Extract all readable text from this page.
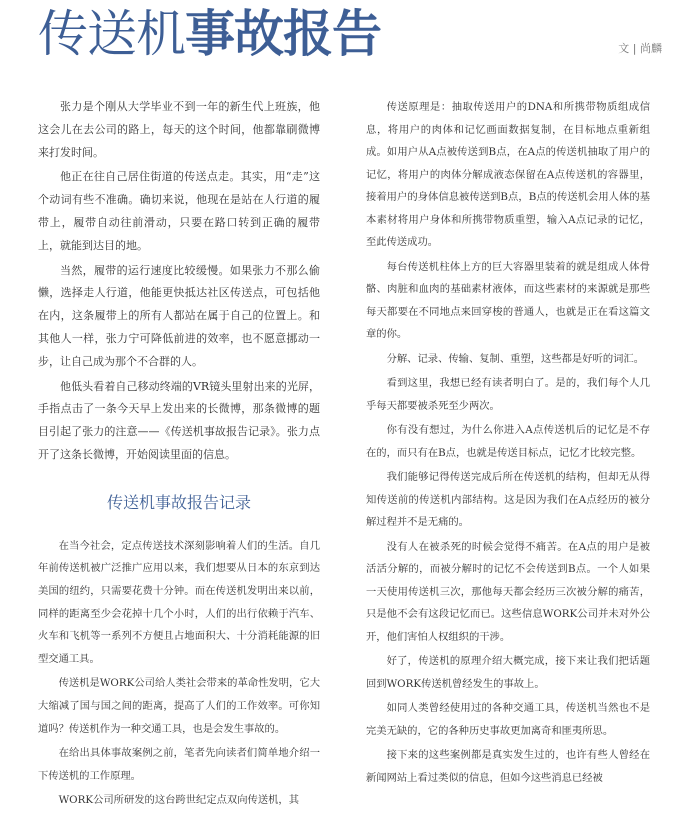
传送机事故报告	文 | 尚麟

张力是个刚从大学毕业不到一年的新生代上班族，他这会儿在去公司的路上，每天的这个时间，他都靠刷微博来打发时间。

他正在往自己居住街道的传送点走。其实，用“走”这个动词有些不准确。确切来说，他现在是站在人行道的履带上，履带自动往前滑动，只要在路口转到正确的履带上，就能到达目的地。

当然，履带的运行速度比较缓慢。如果张力不那么偷懒，选择走人行道，他能更快抵达社区传送点，可包括他在内，这条履带上的所有人都站在属于自己的位置上。和其他人一样，张力宁可降低前进的效率，也不愿意挪动一步，让自己成为那个不合群的人。

他低头看着自己移动终端的VR镜头里射出来的光屏，手指点击了一条今天早上发出来的长微博，那条微博的题目引起了张力的注意——《传送机事故报告记录》。张力点开了这条长微博，开始阅读里面的信息。

传送机事故报告记录

在当今社会，定点传送技术深刻影响着人们的生活。自几年前传送机被广泛推广应用以来，我们想要从日本的东京到达美国的纽约，只需要花费十分钟。而在传送机发明出来以前，同样的距离至少会花掉十几个小时，人们的出行依赖于汽车、火车和飞机等一系列不方便且占地面积大、十分消耗能源的旧型交通工具。

传送机是WORK公司给人类社会带来的革命性发明，它大大缩减了国与国之间的距离，提高了人们的工作效率。可你知道吗？传送机作为一种交通工具，也是会发生事故的。

在给出具体事故案例之前，笔者先向读者们简单地介绍一下传送机的工作原理。

WORK公司所研发的这台跨世纪定点双向传送机，其

传送原理是：抽取传送用户的DNA和所携带物质组成信息，将用户的肉体和记忆画面数据复制，在目标地点重新组成。如用户从A点被传送到B点，在A点的传送机抽取了用户的记忆，将用户的肉体分解成液态保留在A点传送机的容器里，接着用户的身体信息被传送到B点，B点的传送机会用人体的基本素材将用户身体和所携带物质重塑，输入A点记录的记忆，至此传送成功。

每台传送机柱体上方的巨大容器里装着的就是组成人体骨骼、肉脏和血肉的基础素材液体，而这些素材的来源就是那些每天都要在不同地点来回穿梭的普通人，也就是正在看这篇文章的你。

分解、记录、传输、复制、重塑，这些都是好听的词汇。

看到这里，我想已经有读者明白了。是的，我们每个人几乎每天都要被杀死至少两次。

你有没有想过，为什么你进入A点传送机后的记忆是不存在的，而只有在B点，也就是传送目标点，记忆才比较完整。

我们能够记得传送完成后所在传送机的结构，但却无从得知传送前的传送机内部结构。这是因为我们在A点经历的被分解过程并不是无痛的。

没有人在被杀死的时候会觉得不痛苦。在A点的用户是被活活分解的，而被分解时的记忆不会传送到B点。一个人如果一天使用传送机三次，那他每天都会经历三次被分解的痛苦，只是他不会有这段记忆而已。这些信息WORK公司并未对外公开，他们害怕人权组织的干涉。

好了，传送机的原理介绍大概完成，接下来让我们把话题回到WORK传送机曾经发生的事故上。

如同人类曾经使用过的各种交通工具，传送机当然也不是完美无缺的，它的各种历史事故更加离奇和匪夷所思。

接下来的这些案例都是真实发生过的，也许有些人曾经在新闻网站上看过类似的信息，但如今这些消息已经被
